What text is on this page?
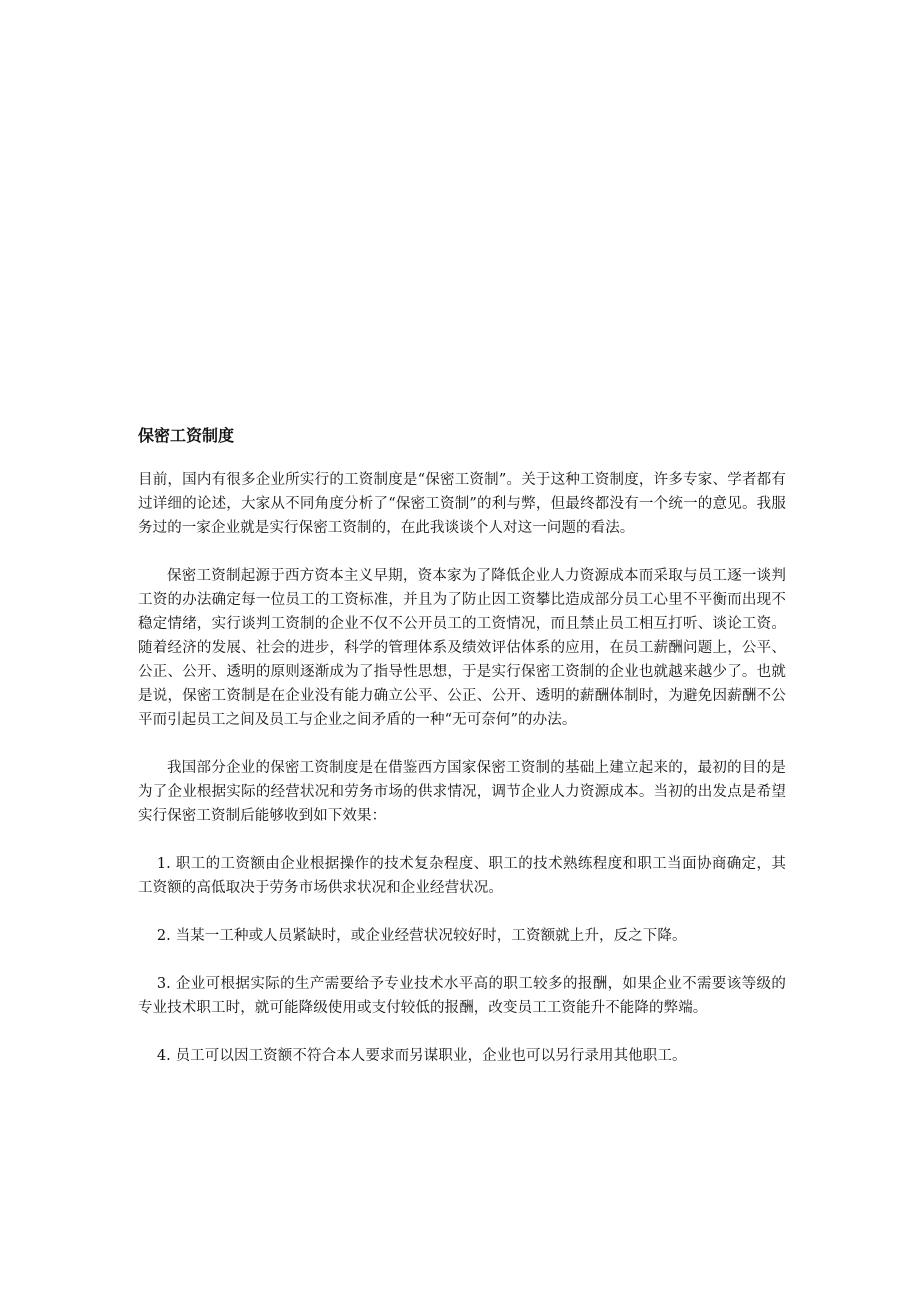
保密工资制度

目前，国内有很多企业所实行的工资制度是“保密工资制”。关于这种工资制度，许多专家、学者都有过详细的论述，大家从不同角度分析了“保密工资制”的利与弊，但最终都没有一个统一的意见。我服务过的一家企业就是实行保密工资制的，在此我谈谈个人对这一问题的看法。

保密工资制起源于西方资本主义早期，资本家为了降低企业人力资源成本而采取与员工逐一谈判工资的办法确定每一位员工的工资标准，并且为了防止因工资攀比造成部分员工心里不平衡而出现不稳定情绪，实行谈判工资制的企业不仅不公开员工的工资情况，而且禁止员工相互打听、谈论工资。随着经济的发展、社会的进步，科学的管理体系及绩效评估体系的应用，在员工薪酬问题上，公平、公正、公开、透明的原则逐渐成为了指导性思想，于是实行保密工资制的企业也就越来越少了。也就是说，保密工资制是在企业没有能力确立公平、公正、公开、透明的薪酬体制时，为避免因薪酬不公平而引起员工之间及员工与企业之间矛盾的一种“无可奈何”的办法。

我国部分企业的保密工资制度是在借鉴西方国家保密工资制的基础上建立起来的，最初的目的是为了企业根据实际的经营状况和劳务市场的供求情况，调节企业人力资源成本。当初的出发点是希望实行保密工资制后能够收到如下效果：

1. 职工的工资额由企业根据操作的技术复杂程度、职工的技术熟练程度和职工当面协商确定，其工资额的高低取决于劳务市场供求状况和企业经营状况。

2. 当某一工种或人员紧缺时，或企业经营状况较好时，工资额就上升，反之下降。

3. 企业可根据实际的生产需要给予专业技术水平高的职工较多的报酬，如果企业不需要该等级的专业技术职工时，就可能降级使用或支付较低的报酬，改变员工工资能升不能降的弊端。

4. 员工可以因工资额不符合本人要求而另谋职业，企业也可以另行录用其他职工。
